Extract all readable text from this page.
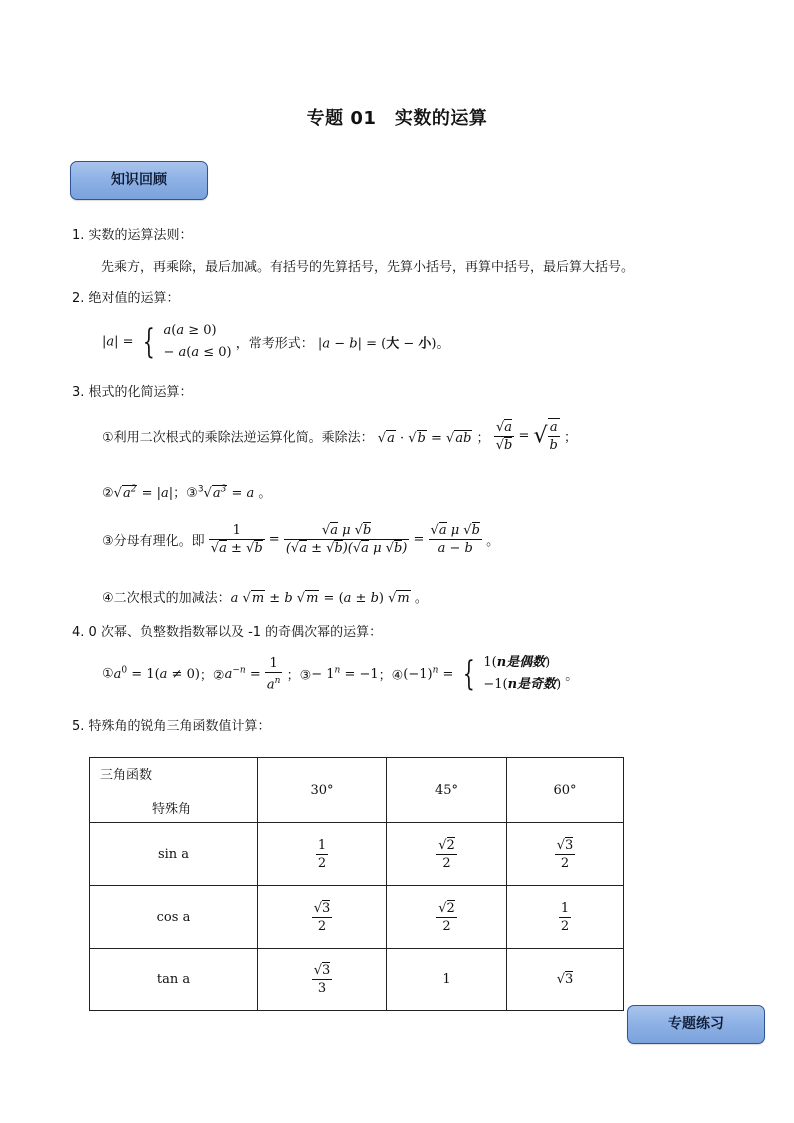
专题 01　实数的运算
知识回顾
1. 实数的运算法则：
先乘方，再乘除，最后加减。有括号的先算括号，先算小括号，再算中括号，最后算大括号。
2. 绝对值的运算：
|a| = { a(a ≥ 0)
− a(a ≤ 0)
，常考形式： |a − b| = (大 − 小)。
3. 根式的化简运算：
①利用二次根式的乘除法逆运算化简。乘除法： √a · √b = √ab ； $\frac{√a}{√b}$ = √ $\frac{a}{b}$ ；
$②√a^2 = |a|$；$③^3√a^3 = a$ 。
③分母有理化。即 $\frac{1}{√a \pm √b} = \frac{\text{√a μ √b}}{\text{(√a ± √b)(√a μ √b)}} = \frac{\text{√a μ √b}}{a - b}$ 。
④二次根式的加减法：a √m ± b √m = (a ± b) √m 。
4. 0 次幂、负整数指数幂以及 -1 的奇偶次幂的运算：
$①a^0 = 1(a \ne 0)$；$②a^{-n} = \frac{1}{a^n}$ ；③− $1^n = -1$；$④(-1)^n$ = { 1(n是偶数)
−1(n是奇数)
。
5. 特殊角的锐角三角函数值计算：
三角函数
特殊角	30°	45°	60°
sin a	$\frac{1}{2}$	$\frac{√2}{2}$	$\frac{√3}{2}$

cos a	$\frac{√3}{2}$	$\frac{√2}{2}$	$\frac{1}{2}$

tan a	$\frac{√3}{3}$	1	√3
专题练习
